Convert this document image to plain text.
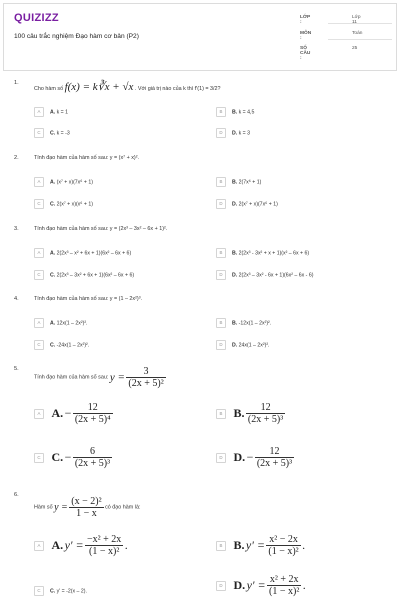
QUIZIZZ
100 câu trắc nghiệm Đạo hàm cơ bản (P2)
LỚP :
Lớp 11
MÔN :
Toán
SỐ CÂU :
25
1.
Cho hàm số f(x) = k∛x + √x . Với giá trị nào của k thì f'(1) = 3/2?
A A. k = 1	B B. k = 4,5
C C. k = -3	D D. k = 3
2.	Tính đạo hàm của hàm số sau: y = (x⁷ + x)².
A A. (x⁷ + x)(7x⁶ + 1)	B B. 2(7x⁶ + 1)
C C. 2(x⁷ + x)(x⁶ + 1)	D D. 2(x⁷ + x)(7x⁶ + 1)
3.	Tính đạo hàm của hàm số sau: y = (2x³ – 3x² – 6x + 1)².
A A. 2(2x³ – x² + 6x + 1)(6x² – 6x + 6)	B B. 2(2x³ - 3x² + x + 1)(x² – 6x + 6)
C C. 2(2x³ – 3x² + 6x + 1)(6x² – 6x + 6)	D D. 2(2x³ – 3x² - 6x + 1)(6x² – 6x - 6)
4.	Tính đạo hàm của hàm số sau: y = (1 – 2x²)³.
A A. 12x(1 – 2x²)².	B B. -12x(1 – 2x²)².
C C. -24x(1 – 2x²)².	D D. 24x(1 – 2x²)².
5.
Tính đạo hàm của hàm số sau: $y = \frac{3}{\text{(2x + 5)²}}$
A A. − $\frac{12}{\text{(2x + 5)⁴}}$	B B. $\frac{12}{\text{(2x + 5)³}}$
C C. − $\frac{6}{\text{(2x + 5)³}}$	D D. − $\frac{12}{\text{(2x + 5)³}}$
6.
Hàm số $y = \frac{\text{(x − 2)²}}{1 - x}$ có đạo hàm là:
A A. $y' = \frac{\text{−x² + 2x}}{\text{(1 − x)²}}$ .	B B. $y' = \frac{\text{x² − 2x}}{\text{(1 − x)²}}$ .
C C. y' = -2(x – 2).
D D. $y' = \frac{\text{x² + 2x}}{\text{(1 − x)²}}$ .
